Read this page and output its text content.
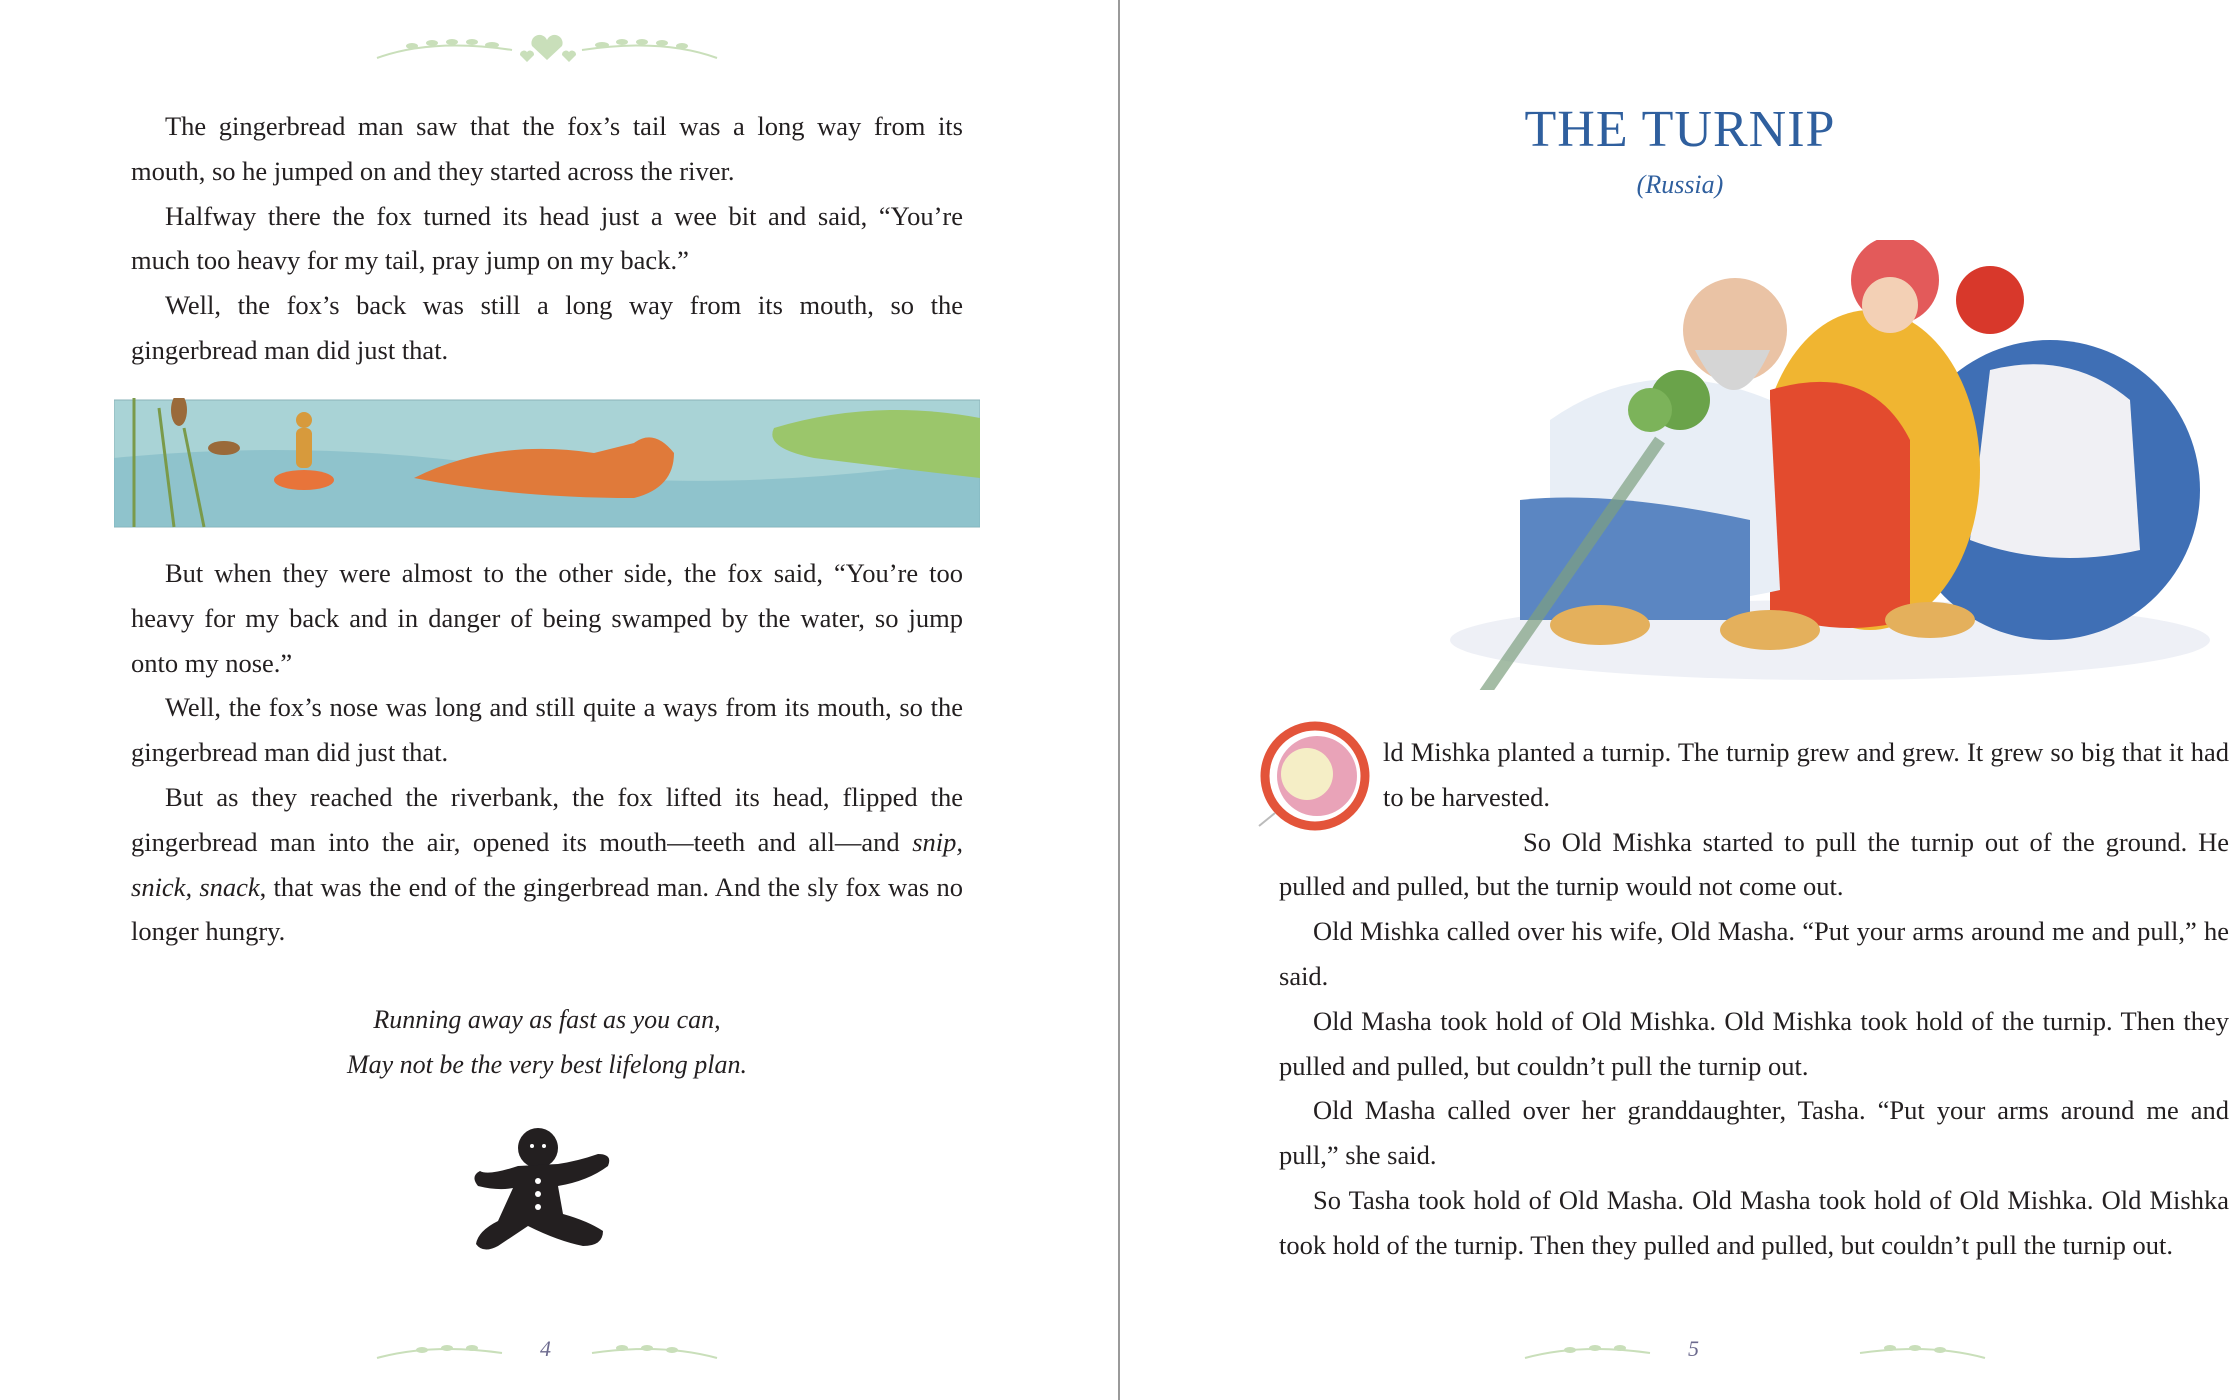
The gingerbread man saw that the fox’s tail was a long way from its mouth, so he jumped on and they started across the river.

Halfway there the fox turned its head just a wee bit and said, “You’re much too heavy for my tail, pray jump on my back.”

Well, the fox’s back was still a long way from its mouth, so the gingerbread man did just that.

But when they were almost to the other side, the fox said, “You’re too heavy for my back and in danger of being swamped by the water, so jump onto my nose.”

Well, the fox’s nose was long and still quite a ways from its mouth, so the gingerbread man did just that.

But as they reached the riverbank, the fox lifted its head, flipped the gingerbread man into the air, opened its mouth—teeth and all—and snip, snick, snack, that was the end of the gingerbread man. And the sly fox was no longer hungry.

Running away as fast as you can,
May not be the very best lifelong plan.
4
THE TURNIP
(Russia)

ld Mishka planted a turnip. The turnip grew and grew. It grew so big that it had to be harvested.

So Old Mishka started to pull the turnip out of the ground. He pulled and pulled, but the turnip would not come out.

Old Mishka called over his wife, Old Masha. “Put your arms around me and pull,” he said.

Old Masha took hold of Old Mishka. Old Mishka took hold of the turnip. Then they pulled and pulled, but couldn’t pull the turnip out.

Old Masha called over her granddaughter, Tasha. “Put your arms around me and pull,” she said.

So Tasha took hold of Old Masha. Old Masha took hold of Old Mishka. Old Mishka took hold of the turnip. Then they pulled and pulled, but couldn’t pull the turnip out.

5
